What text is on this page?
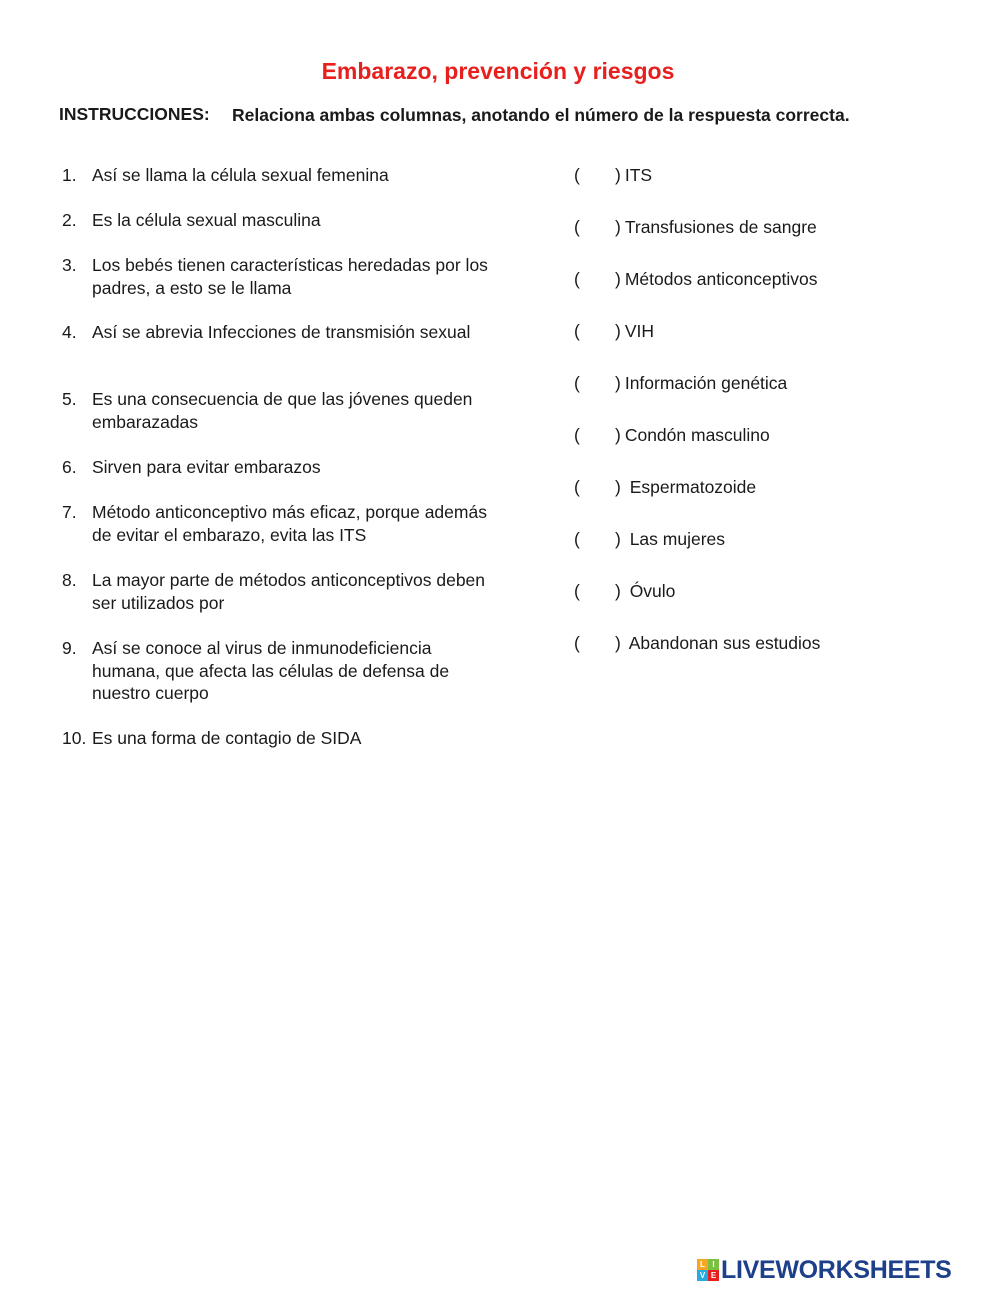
Embarazo, prevención y riesgos
INSTRUCCIONES: Relaciona ambas columnas, anotando el número de la respuesta correcta.
1. Así se llama la célula sexual femenina
2. Es la célula sexual masculina
3. Los bebés tienen características heredadas por los padres, a esto se le llama
4. Así se abrevia Infecciones de transmisión sexual
5. Es una consecuencia de que las jóvenes queden embarazadas
6. Sirven para evitar embarazos
7. Método anticonceptivo más eficaz, porque además de evitar el embarazo, evita las ITS
8. La mayor parte de métodos anticonceptivos deben ser utilizados por
9. Así se conoce al virus de inmunodeficiencia humana, que afecta las células de defensa de nuestro cuerpo
10. Es una forma de contagio de SIDA
( ) ITS
( ) Transfusiones de sangre
( ) Métodos anticonceptivos
( ) VIH
( ) Información genética
( ) Condón masculino
( ) Espermatozoide
( ) Las mujeres
( ) Óvulo
( ) Abandonan sus estudios
L I
V E LIVEWORKSHEETS
